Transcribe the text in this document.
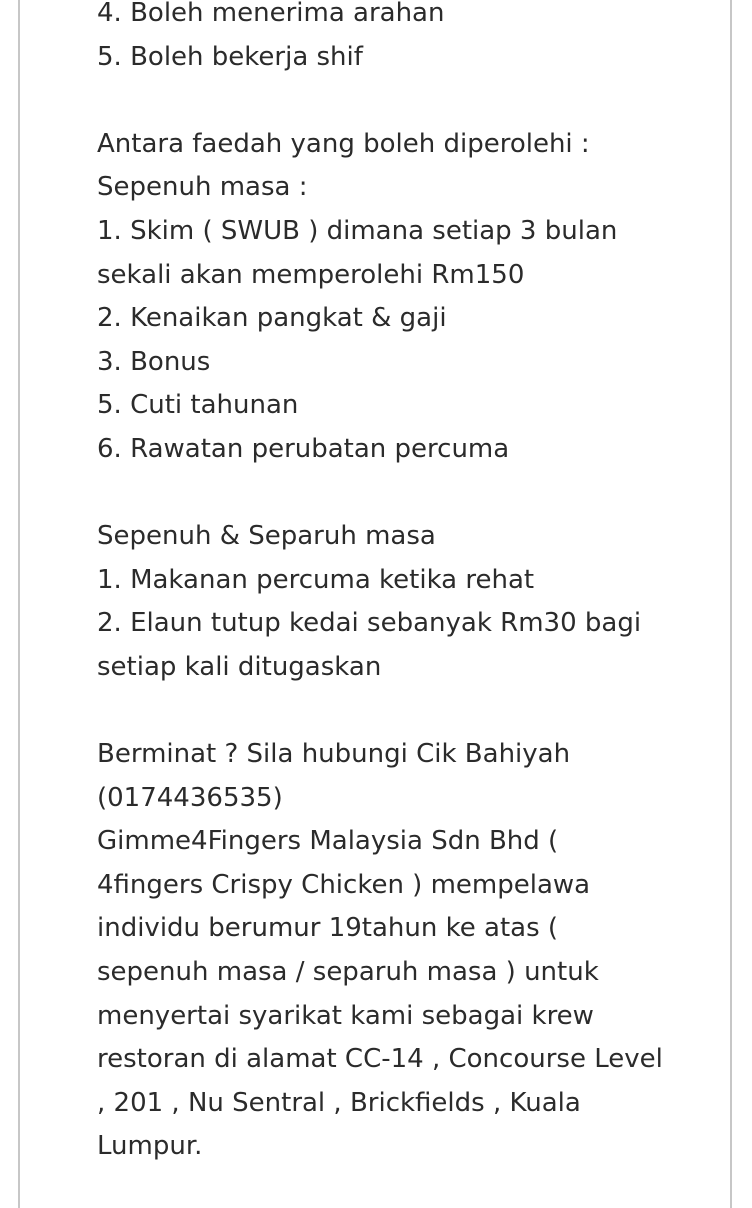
4. Boleh menerima arahan
5. Boleh bekerja shif
Antara faedah yang boleh diperolehi :
Sepenuh masa :
1. Skim ( SWUB ) dimana setiap 3 bulan
sekali akan memperolehi Rm150
2. Kenaikan pangkat & gaji
3. Bonus
5. Cuti tahunan
6. Rawatan perubatan percuma
Sepenuh & Separuh masa
1. Makanan percuma ketika rehat
2. Elaun tutup kedai sebanyak Rm30 bagi
setiap kali ditugaskan
Berminat ? Sila hubungi Cik Bahiyah
(0174436535)
Gimme4Fingers Malaysia Sdn Bhd (
4fingers Crispy Chicken ) mempelawa
individu berumur 19tahun ke atas (
sepenuh masa / separuh masa ) untuk
menyertai syarikat kami sebagai krew
restoran di alamat CC-14 , Concourse Level
, 201 , Nu Sentral , Brickfields , Kuala
Lumpur.
